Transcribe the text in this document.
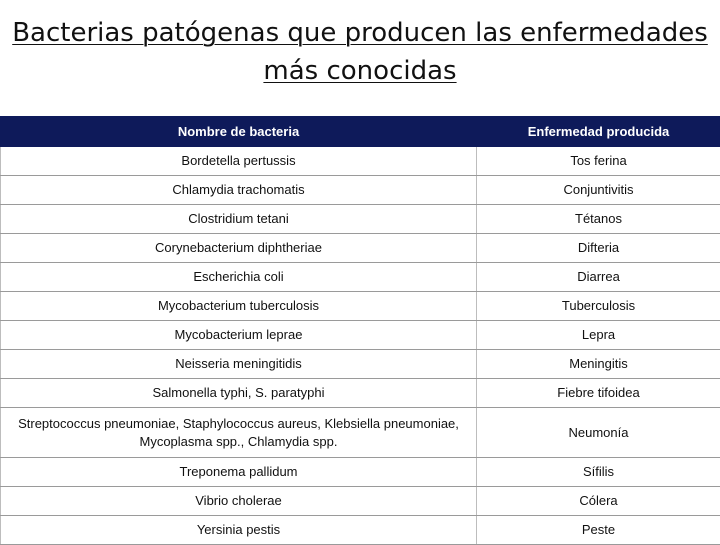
Bacterias patógenas que producen las enfermedades
más conocidas
Nombre de bacteria	Enfermedad producida
Bordetella pertussis	Tos ferina
Chlamydia trachomatis	Conjuntivitis
Clostridium tetani	Tétanos
Corynebacterium diphtheriae	Difteria
Escherichia coli	Diarrea
Mycobacterium tuberculosis	Tuberculosis
Mycobacterium leprae	Lepra
Neisseria meningitidis	Meningitis
Salmonella typhi, S. paratyphi	Fiebre tifoidea
Streptococcus pneumoniae, Staphylococcus aureus, Klebsiella pneumoniae, Mycoplasma spp., Chlamydia spp.	Neumonía
Treponema pallidum	Sífilis
Vibrio cholerae	Cólera
Yersinia pestis	Peste
